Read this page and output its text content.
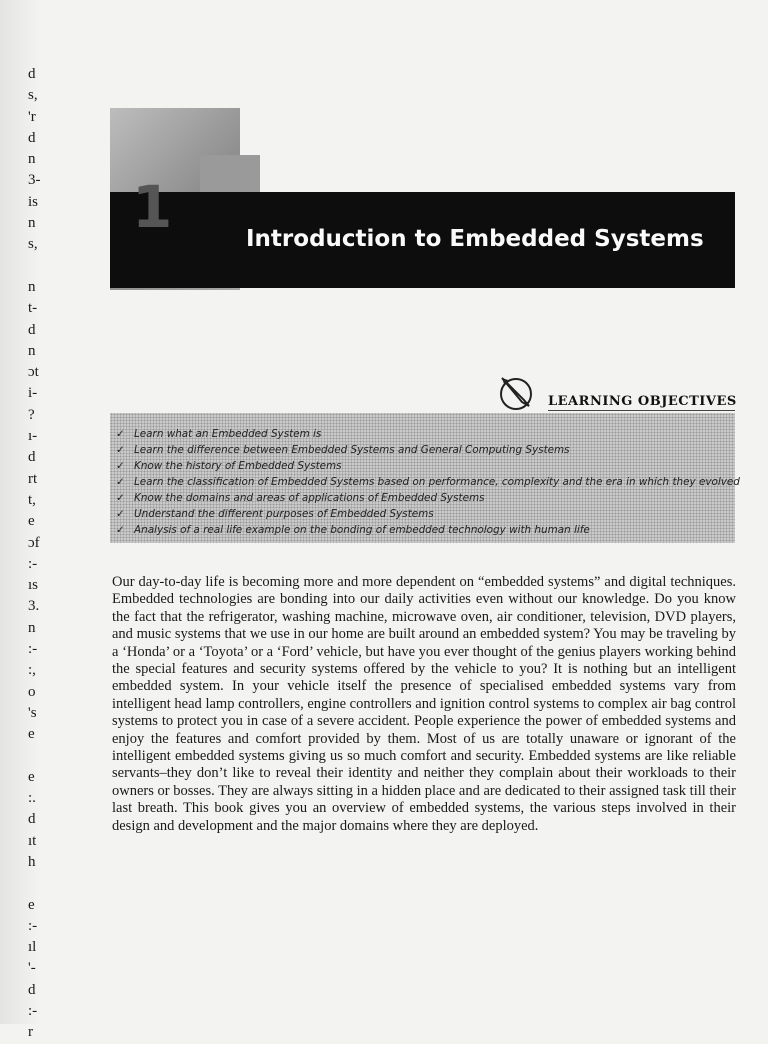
d
s,
'r
d
n
3-
is
n
s,

n
t-
d
n
ɔt
i-
?
ı-
d
rt
t,
e
ɔf
:-
ıs
3.
n
:-
:,
o
's
e

e
:.
d
ıt
h

e
:-
ıl
'-
d
:-
r
1	Introduction to Embedded Systems
LEARNING OBJECTIVES
✓ Learn what an Embedded System is
✓ Learn the difference between Embedded Systems and General Computing Systems
✓ Know the history of Embedded Systems
✓ Learn the classification of Embedded Systems based on performance, complexity and the era in which they evolved
✓ Know the domains and areas of applications of Embedded Systems
✓ Understand the different purposes of Embedded Systems
✓ Analysis of a real life example on the bonding of embedded technology with human life

Our day-to-day life is becoming more and more dependent on “embedded systems” and digital techniques. Embedded technologies are bonding into our daily activities even without our knowledge. Do you know the fact that the refrigerator, washing machine, microwave oven, air conditioner, television, DVD players, and music systems that we use in our home are built around an embedded system? You may be traveling by a ‘Honda’ or a ‘Toyota’ or a ‘Ford’ vehicle, but have you ever thought of the genius players working behind the special features and security systems offered by the vehicle to you? It is nothing but an intelligent embedded system. In your vehicle itself the presence of specialised embedded systems vary from intelligent head lamp controllers, engine controllers and ignition control systems to complex air bag control systems to protect you in case of a severe accident. People experience the power of embedded systems and enjoy the features and comfort provided by them. Most of us are totally unaware or ignorant of the intelligent embedded systems giving us so much comfort and security. Embedded systems are like reliable servants–they don’t like to reveal their identity and neither they complain about their workloads to their owners or bosses. They are always sitting in a hidden place and are dedicated to their assigned task till their last breath. This book gives you an overview of embedded systems, the various steps involved in their design and development and the major domains where they are deployed.
